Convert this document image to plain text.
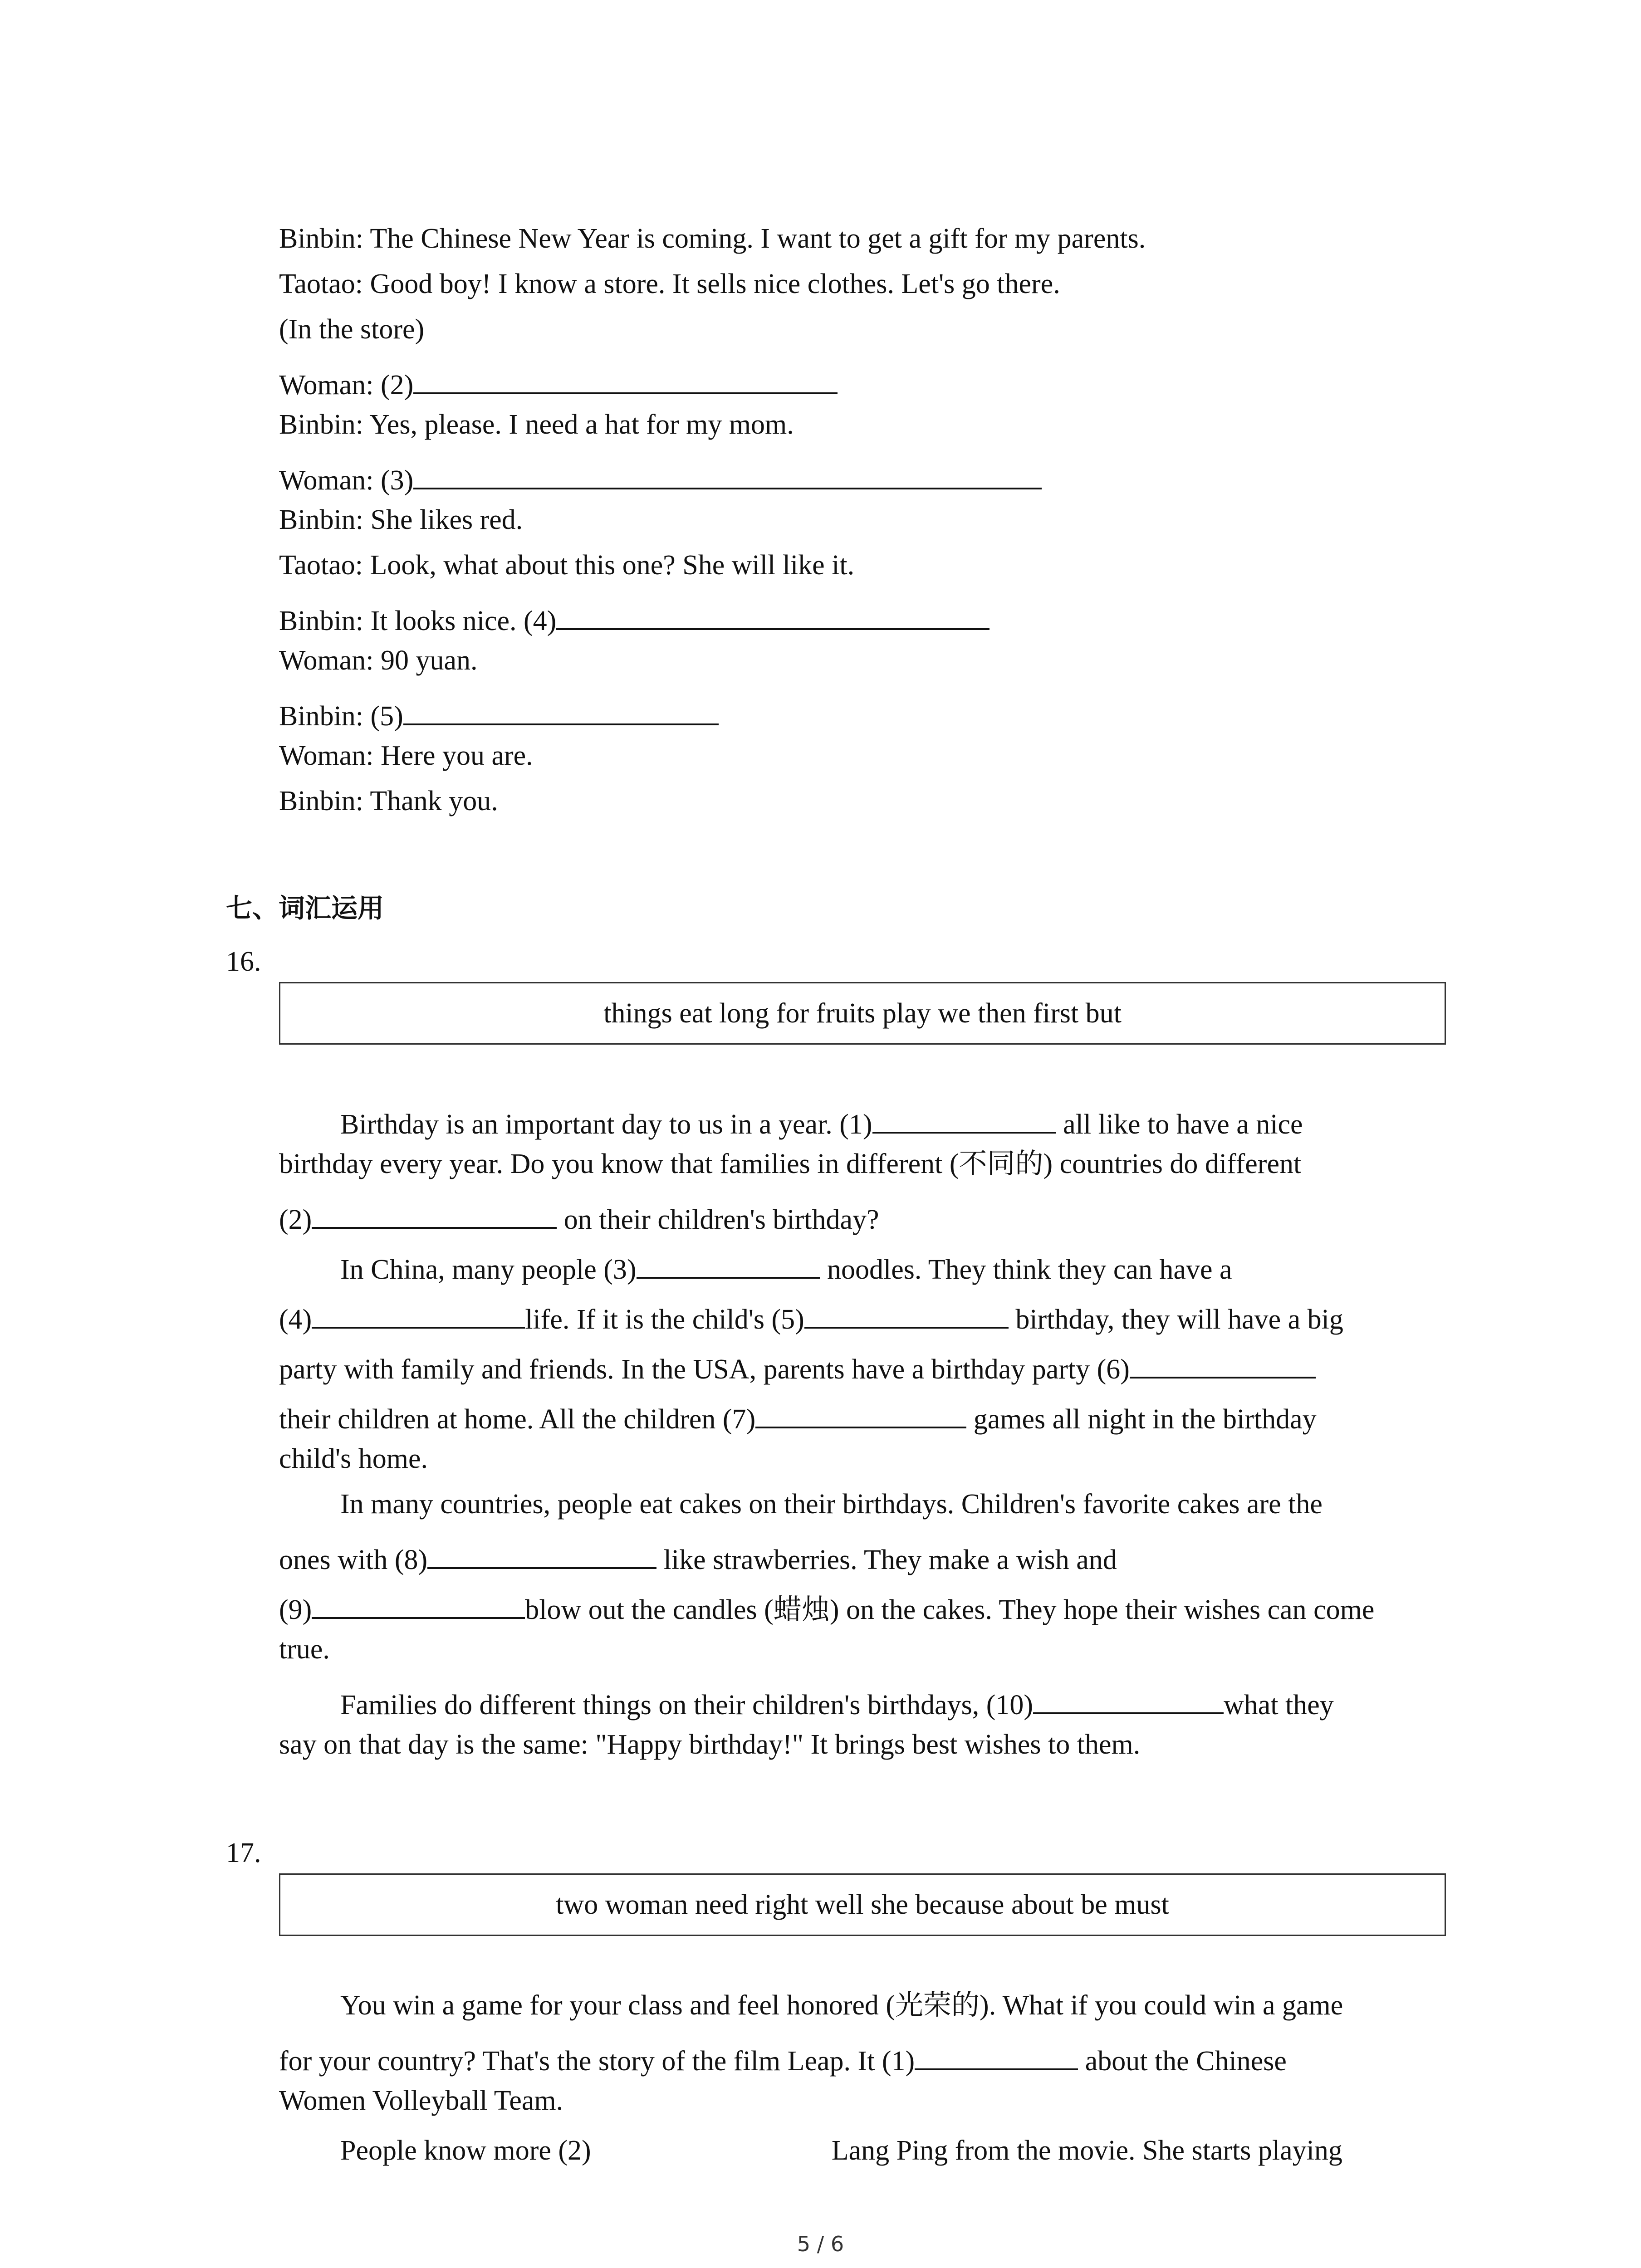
Binbin: The Chinese New Year is coming. I want to get a gift for my parents.
Taotao: Good boy! I know a store. It sells nice clothes. Let's go there.
(In the store)
Woman: (2)
Binbin: Yes, please. I need a hat for my mom.
Woman: (3)
Binbin: She likes red.
Taotao: Look, what about this one? She will like it.
Binbin: It looks nice. (4)
Woman: 90 yuan.
Binbin: (5)
Woman: Here you are.
Binbin: Thank you.
七、词汇运用
16.
things eat long for fruits play we then first but
Birthday is an important day to us in a year. (1)	all like to have a nice
birthday every year. Do you know that families in different (不同的) countries do different
(2)	on their children's birthday?
In China, many people (3)	noodles. They think they can have a
(4)	life. If it is the child's (5)	birthday, they will have a big
party with family and friends. In the USA, parents have a birthday party (6)
their children at home. All the children (7)	games all night in the birthday
child's home.
In many countries, people eat cakes on their birthdays. Children's favorite cakes are the
ones with (8)	like strawberries. They make a wish and
(9)	blow out the candles (蜡烛) on the cakes. They hope their wishes can come
true.
Families do different things on their children's birthdays, (10)	what they
say on that day is the same: "Happy birthday!" It brings best wishes to them.
17.
two woman need right well she because about be must
You win a game for your class and feel honored (光荣的). What if you could win a game
for your country? That's the story of the film Leap. It (1)	about the Chinese
Women Volleyball Team.
People know more (2)	Lang Ping from the movie. She starts playing
5 / 6
